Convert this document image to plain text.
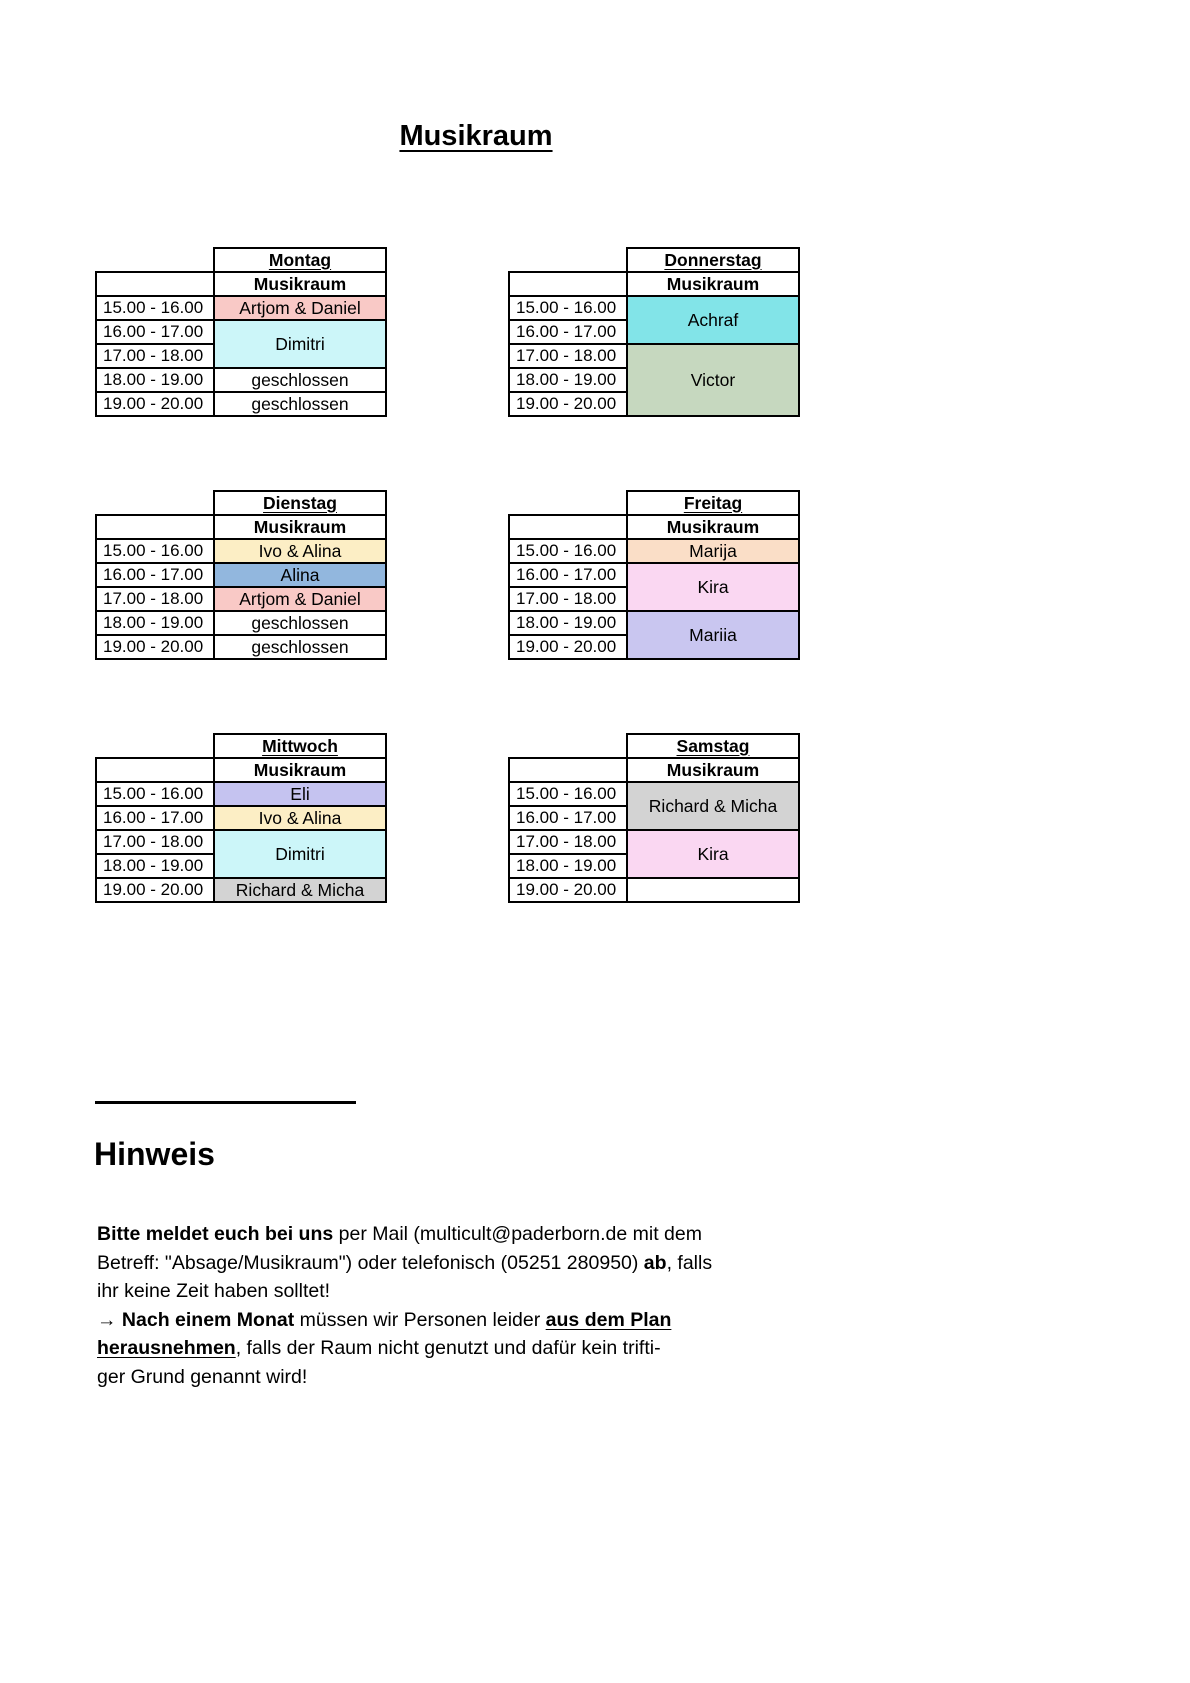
Musikraum
	Montag
	Musikraum
15.00 - 16.00	Artjom & Daniel
16.00 - 17.00	Dimitri
17.00 - 18.00	
18.00 - 19.00	geschlossen
19.00 - 20.00	geschlossen
	Donnerstag
	Musikraum
15.00 - 16.00	Achraf
16.00 - 17.00	
17.00 - 18.00	Victor
18.00 - 19.00	
19.00 - 20.00	
	Dienstag
	Musikraum
15.00 - 16.00	Ivo & Alina
16.00 - 17.00	Alina
17.00 - 18.00	Artjom & Daniel
18.00 - 19.00	geschlossen
19.00 - 20.00	geschlossen
	Freitag
	Musikraum
15.00 - 16.00	Marija
16.00 - 17.00	Kira
17.00 - 18.00	
18.00 - 19.00	Mariia
19.00 - 20.00	
	Mittwoch
	Musikraum
15.00 - 16.00	Eli
16.00 - 17.00	Ivo & Alina
17.00 - 18.00	Dimitri
18.00 - 19.00	
19.00 - 20.00	Richard & Micha
	Samstag
	Musikraum
15.00 - 16.00	Richard & Micha
16.00 - 17.00	
17.00 - 18.00	Kira
18.00 - 19.00	
19.00 - 20.00	
Hinweis
Bitte meldet euch bei uns per Mail (multicult@paderborn.de mit dem
Betreff: "Absage/Musikraum") oder telefonisch (05251 280950) ab, falls
ihr keine Zeit haben solltet!
→ Nach einem Monat müssen wir Personen leider aus dem Plan
herausnehmen, falls der Raum nicht genutzt und dafür kein trifti-
ger Grund genannt wird!
